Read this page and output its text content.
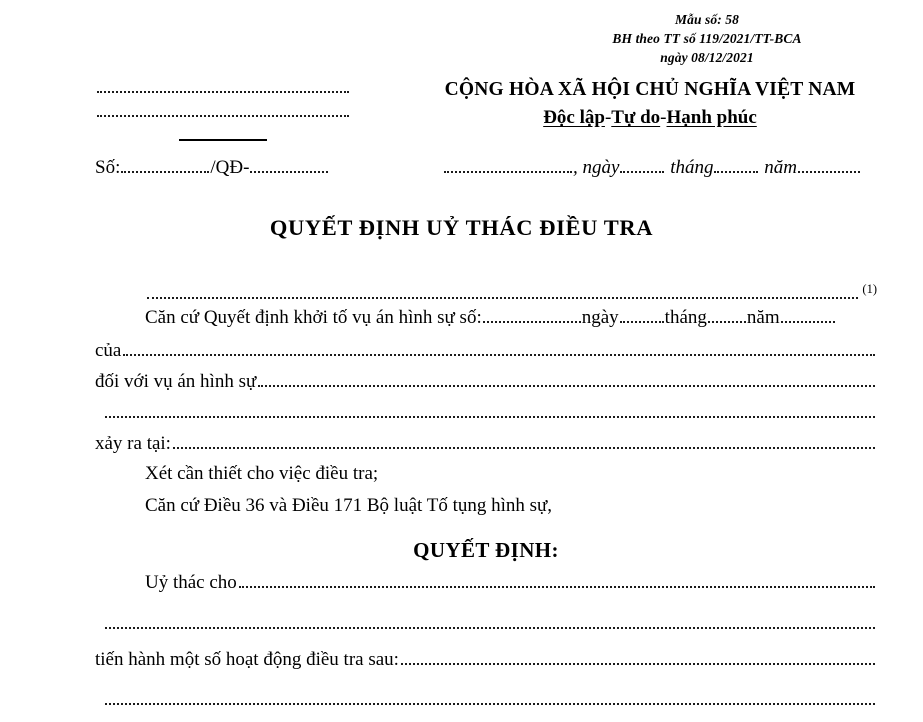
Mẫu số: 58
BH theo TT số 119/2021/TT-BCA
ngày 08/12/2021
CỘNG HÒA XÃ HỘI CHỦ NGHĨA VIỆT NAM
Độc lập-Tự do-Hạnh phúc
Số:	/QĐ-	, ngày	tháng	năm
QUYẾT ĐỊNH UỶ THÁC ĐIỀU TRA
(1)
Căn cứ Quyết định khởi tố vụ án hình sự số:	ngày tháng năm
của
đối với vụ án hình sự
xảy ra tại:
Xét cần thiết cho việc điều tra;
Căn cứ Điều 36 và Điều 171 Bộ luật Tố tụng hình sự,
QUYẾT ĐỊNH:
Uỷ thác cho
tiến hành một số hoạt động điều tra sau:
